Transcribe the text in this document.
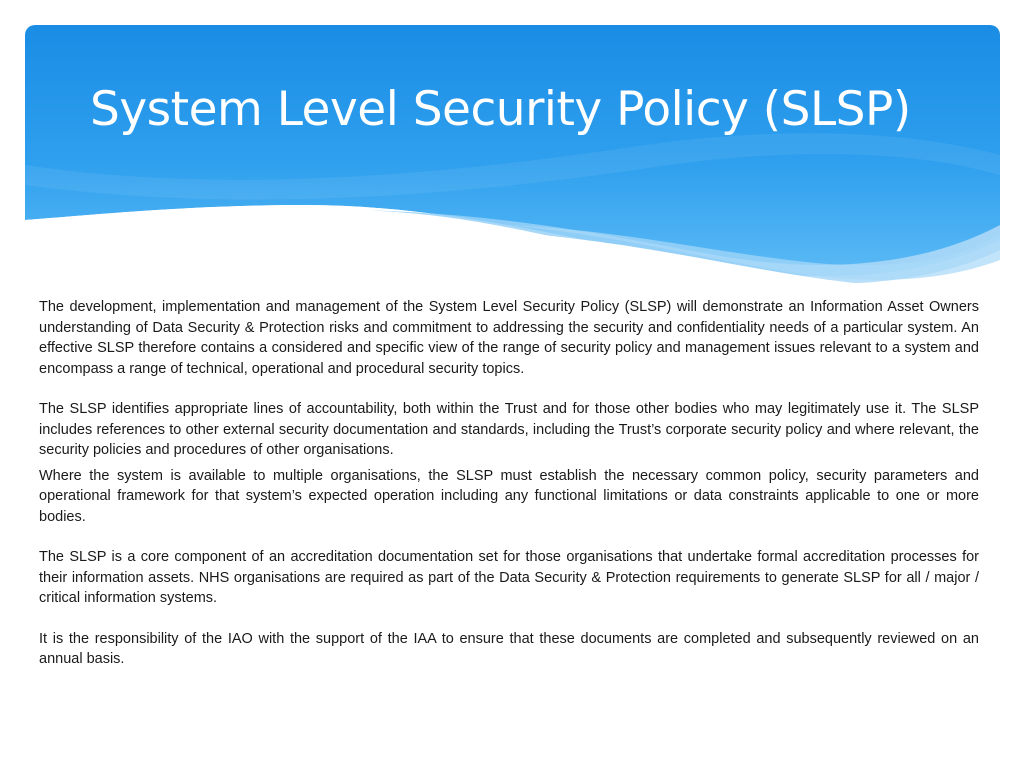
System Level Security Policy (SLSP)

The development, implementation and management of the System Level Security Policy (SLSP) will demonstrate an Information Asset Owners understanding of Data Security & Protection risks and commitment to addressing the security and confidentiality needs of a particular system. An effective SLSP therefore contains a considered and specific view of the range of security policy and management issues relevant to a system and encompass a range of technical, operational and procedural security topics.

The SLSP identifies appropriate lines of accountability, both within the Trust and for those other bodies who may legitimately use it. The SLSP includes references to other external security documentation and standards, including the Trust’s corporate security policy and where relevant, the security policies and procedures of other organisations.

Where the system is available to multiple organisations, the SLSP must establish the necessary common policy, security parameters and operational framework for that system’s expected operation including any functional limitations or data constraints applicable to one or more bodies.

The SLSP is a core component of an accreditation documentation set for those organisations that undertake formal accreditation processes for their information assets. NHS organisations are required as part of the Data Security & Protection requirements to generate SLSP for all / major / critical information systems.

It is the responsibility of the IAO with the support of the IAA to ensure that these documents are completed and subsequently reviewed on an annual basis.
